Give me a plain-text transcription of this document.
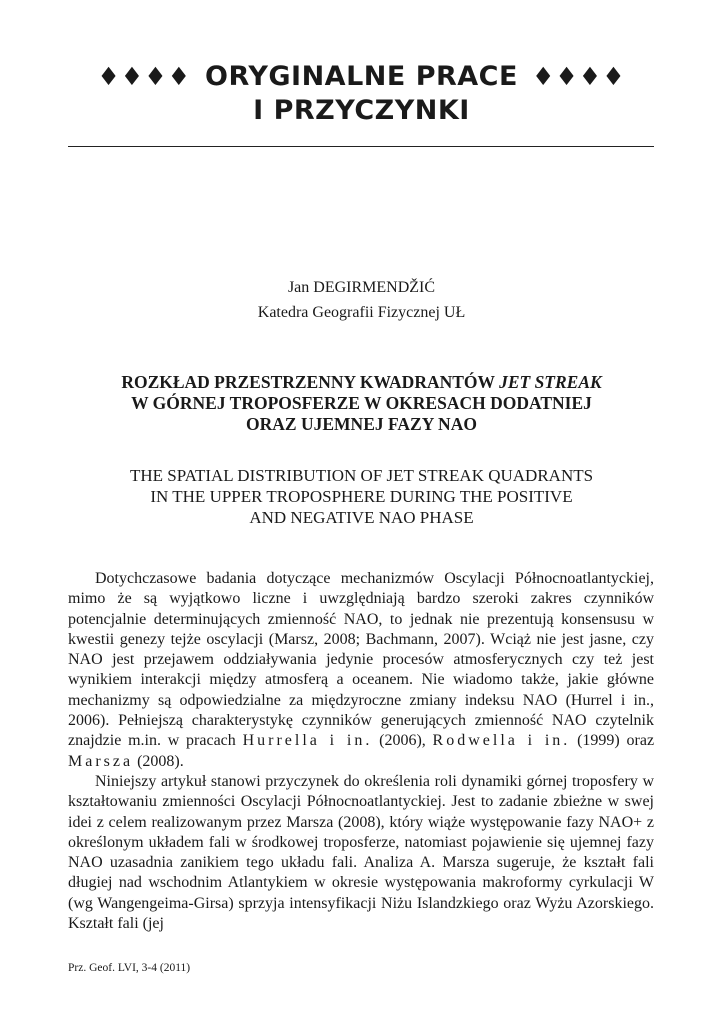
♦♦♦♦ ORYGINALNE PRACE ♦♦♦♦
I PRZYCZYNKI
Jan DEGIRMENDŽIĆ
Katedra Geografii Fizycznej UŁ
ROZKŁAD PRZESTRZENNY KWADRANTÓW JET STREAK
W GÓRNEJ TROPOSFERZE W OKRESACH DODATNIEJ
ORAZ UJEMNEJ FAZY NAO
THE SPATIAL DISTRIBUTION OF JET STREAK QUADRANTS
IN THE UPPER TROPOSPHERE DURING THE POSITIVE
AND NEGATIVE NAO PHASE

Dotychczasowe badania dotyczące mechanizmów Oscylacji Północnoatlantyckiej, mimo że są wyjątkowo liczne i uwzględniają bardzo szeroki zakres czynników potencjalnie determinujących zmienność NAO, to jednak nie prezentują konsensusu w kwestii genezy tejże oscylacji (Marsz, 2008; Bachmann, 2007). Wciąż nie jest jasne, czy NAO jest przejawem oddziaływania jedynie procesów atmosferycznych czy też jest wynikiem interakcji między atmosferą a oceanem. Nie wiadomo także, jakie główne mechanizmy są odpowiedzialne za międzyroczne zmiany indeksu NAO (Hurrel i in., 2006). Pełniejszą charakterystykę czynników generujących zmienność NAO czytelnik znajdzie m.in. w pracach Hurrella i in. (2006), Rodwella i in. (1999) oraz Marsza (2008).

Niniejszy artykuł stanowi przyczynek do określenia roli dynamiki górnej troposfery w kształtowaniu zmienności Oscylacji Północnoatlantyckiej. Jest to zadanie zbieżne w swej idei z celem realizowanym przez Marsza (2008), który wiąże występowanie fazy NAO+ z określonym układem fali w środkowej troposferze, natomiast pojawienie się ujemnej fazy NAO uzasadnia zanikiem tego układu fali. Analiza A. Marsza sugeruje, że kształt fali długiej nad wschodnim Atlantykiem w okresie występowania makroformy cyrkulacji W (wg Wangengeima-Girsa) sprzyja intensyfikacji Niżu Islandzkiego oraz Wyżu Azorskiego. Kształt fali (jej

Prz. Geof. LVI, 3-4 (2011)
